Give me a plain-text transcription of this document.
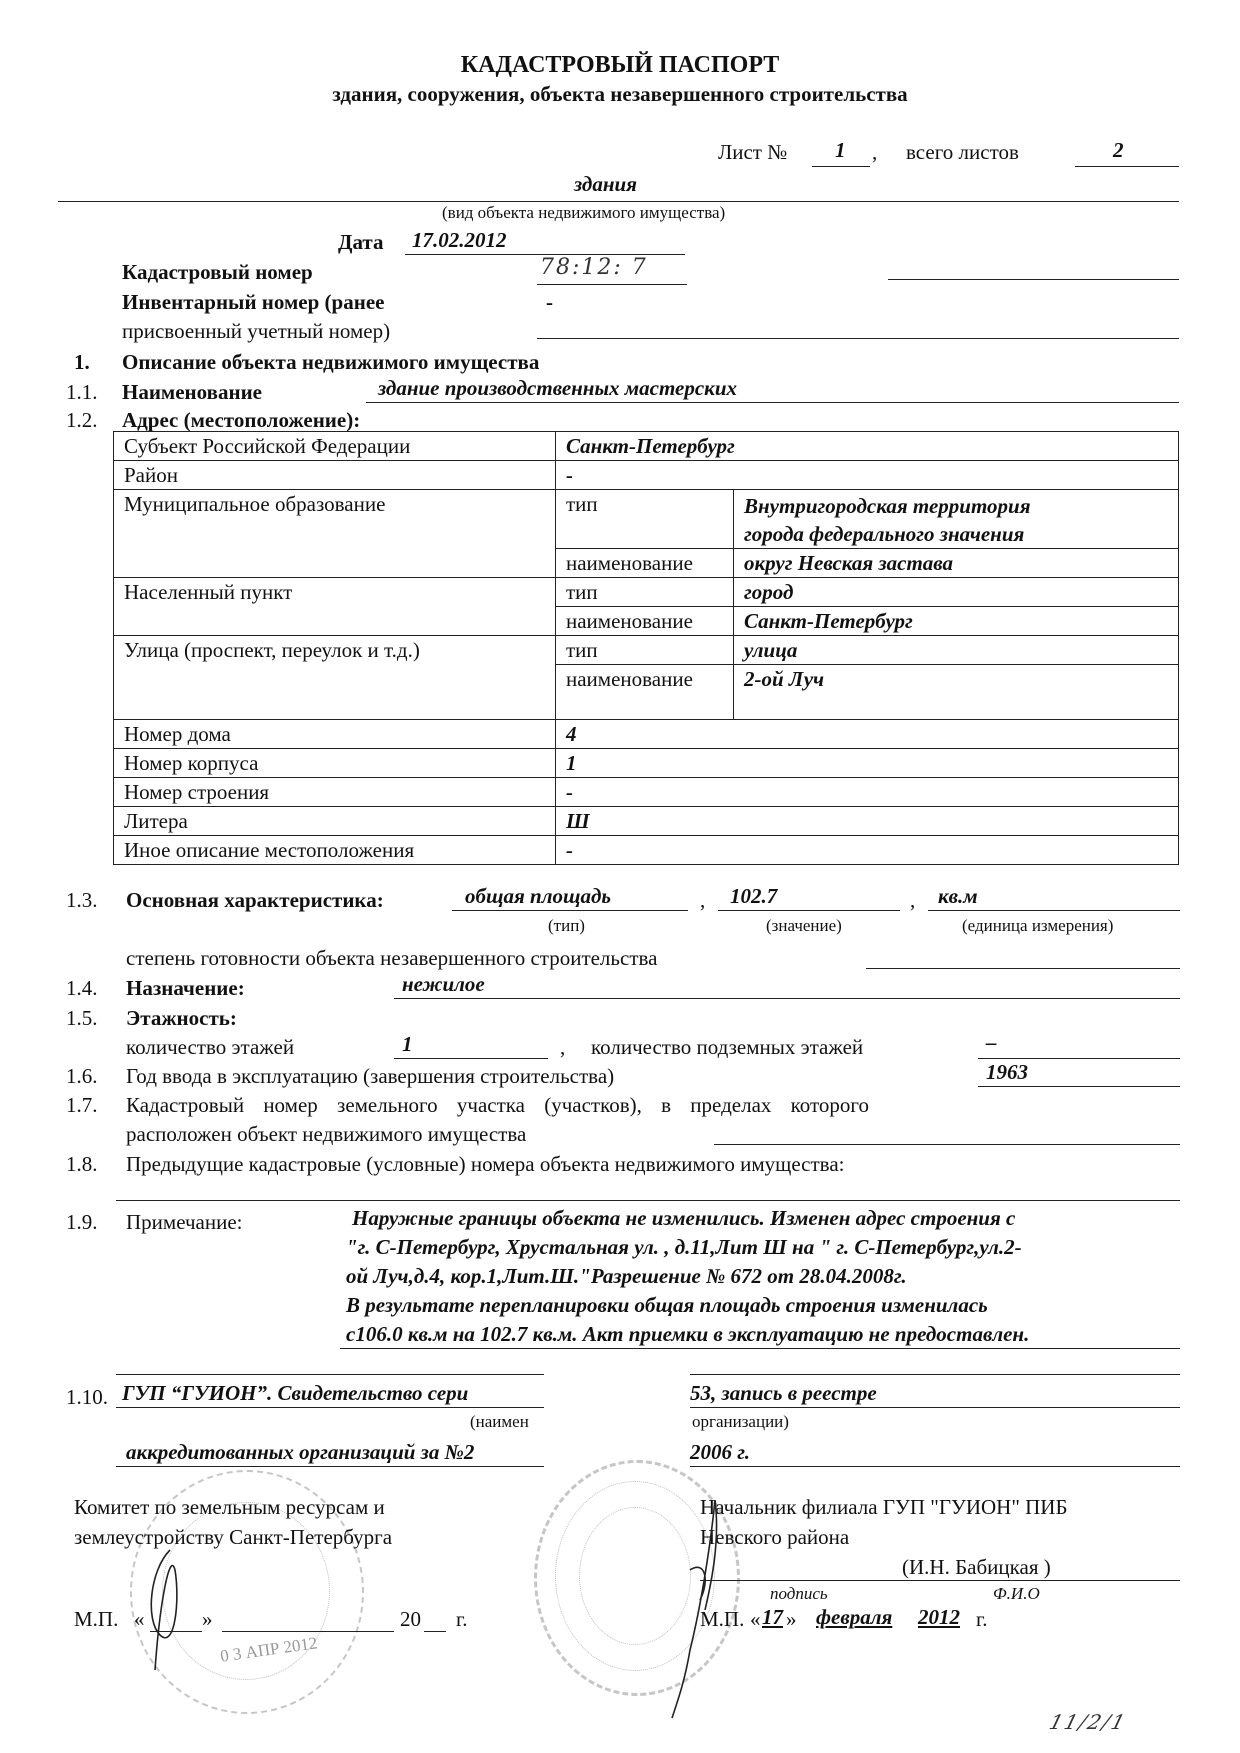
КАДАСТРОВЫЙ ПАСПОРТ
здания, сооружения, объекта незавершенного строительства
Лист № 1 , всего листов	2
здания
(вид объекта недвижимого имущества)
Дата 17.02.2012
Кадастровый номер	78:12: 7
Инвентарный номер (ранее
присвоенный учетный номер)
-
1. Описание объекта недвижимого имущества
1.1. Наименование	здание производственных мастерских
1.2. Адрес (местоположение):
Субъект Российской Федерации	Санкт-Петербург	
Район	-	
Муниципальное образование	тип	Внутригородская территория города федерального значения
	наименование	округ Невская застава
Населенный пункт	тип	город
	наименование	Санкт-Петербург
Улица (проспект, переулок и т.д.)	тип	улица
	наименование	2-ой Луч
Номер дома	4	
Номер корпуса	1	
Номер строения	-	
Литера	Ш	
Иное описание местоположения	-	
1.3. Основная характеристика:	общая площадь	, 102.7	, кв.м
(тип)	(значение)	(единица измерения)
степень готовности объекта незавершенного строительства
1.4. Назначение:	нежилое
1.5. Этажность:
количество этажей	1	, количество подземных этажей	–
1.6. Год ввода в эксплуатацию (завершения строительства)	1963
1.7. Кадастровый номер земельного участка (участков), в пределах которого
расположен объект недвижимого имущества
1.8. Предыдущие кадастровые (условные) номера объекта недвижимого имущества:
1.9. Примечание:	Наружные границы объекта не изменились. Изменен адрес строения с
"г. С-Петербург, Хрустальная ул. , д.11,Лит Ш на " г. С-Петербург,ул.2-
ой Луч,д.4, кор.1,Лит.Ш."Разрешение № 672 от 28.04.2008г.
В результате перепланировки общая площадь строения изменилась
с106.0 кв.м на 102.7 кв.м. Акт приемки в эксплуатацию не предоставлен.
1.10. ГУП “ГУИОН”. Свидетельство сери	53, запись в реестре
(наимен	организации)
аккредитованных организаций за №2	2006 г.
0 3 АПР 2012
Комитет по земельным ресурсам и
землеустройству Санкт-Петербурга
М.П. «	»	20 г.
Начальник филиала ГУП "ГУИОН" ПИБ
Невского района
(И.Н. Бабицкая )
подпись	Ф.И.О
М.П. « 17 » февраля 2012 г.
11/2/1
